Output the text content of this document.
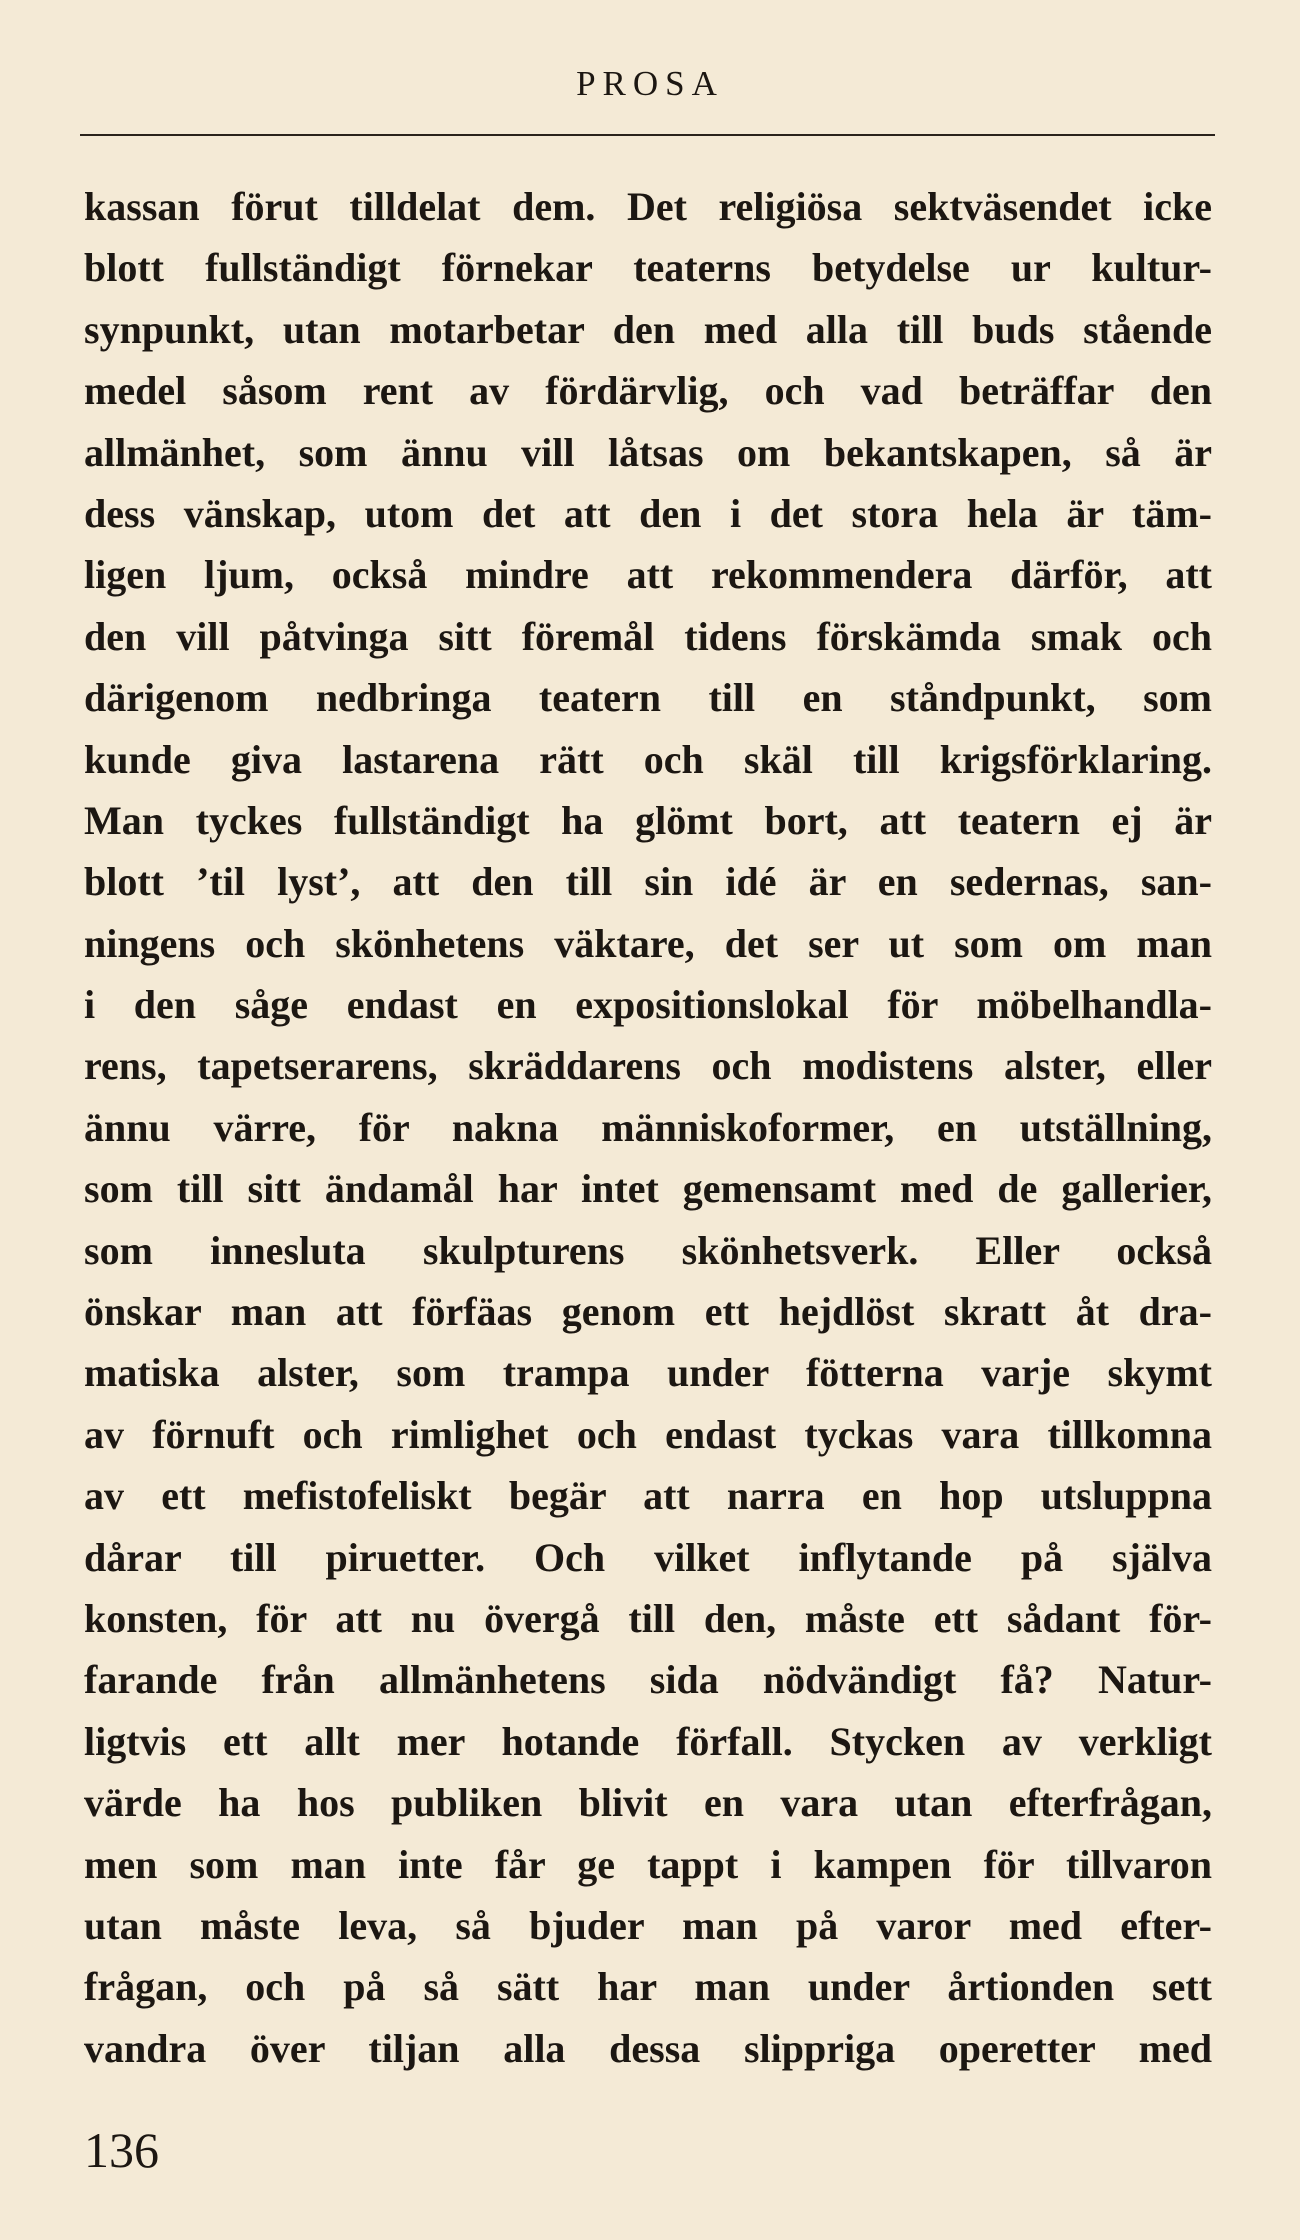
PROSA
kassan förut tilldelat dem. Det religiösa sektväsendet icke
blott fullständigt förnekar teaterns betydelse ur kultur-
synpunkt, utan motarbetar den med alla till buds stående
medel såsom rent av fördärvlig, och vad beträffar den
allmänhet, som ännu vill låtsas om bekantskapen, så är
dess vänskap, utom det att den i det stora hela är täm-
ligen ljum, också mindre att rekommendera därför, att
den vill påtvinga sitt föremål tidens förskämda smak och
därigenom nedbringa teatern till en ståndpunkt, som
kunde giva lastarena rätt och skäl till krigsförklaring.
Man tyckes fullständigt ha glömt bort, att teatern ej är
blott ’til lyst’, att den till sin idé är en sedernas, san-
ningens och skönhetens väktare, det ser ut som om man
i den såge endast en expositionslokal för möbelhandla-
rens, tapetserarens, skräddarens och modistens alster, eller
ännu värre, för nakna människoformer, en utställning,
som till sitt ändamål har intet gemensamt med de gallerier,
som innesluta skulpturens skönhetsverk. Eller också
önskar man att förfäas genom ett hejdlöst skratt åt dra-
matiska alster, som trampa under fötterna varje skymt
av förnuft och rimlighet och endast tyckas vara tillkomna
av ett mefistofeliskt begär att narra en hop utsluppna
dårar till piruetter. Och vilket inflytande på själva
konsten, för att nu övergå till den, måste ett sådant för-
farande från allmänhetens sida nödvändigt få? Natur-
ligtvis ett allt mer hotande förfall. Stycken av verkligt
värde ha hos publiken blivit en vara utan efterfrågan,
men som man inte får ge tappt i kampen för tillvaron
utan måste leva, så bjuder man på varor med efter-
frågan, och på så sätt har man under årtionden sett
vandra över tiljan alla dessa slippriga operetter med
136
